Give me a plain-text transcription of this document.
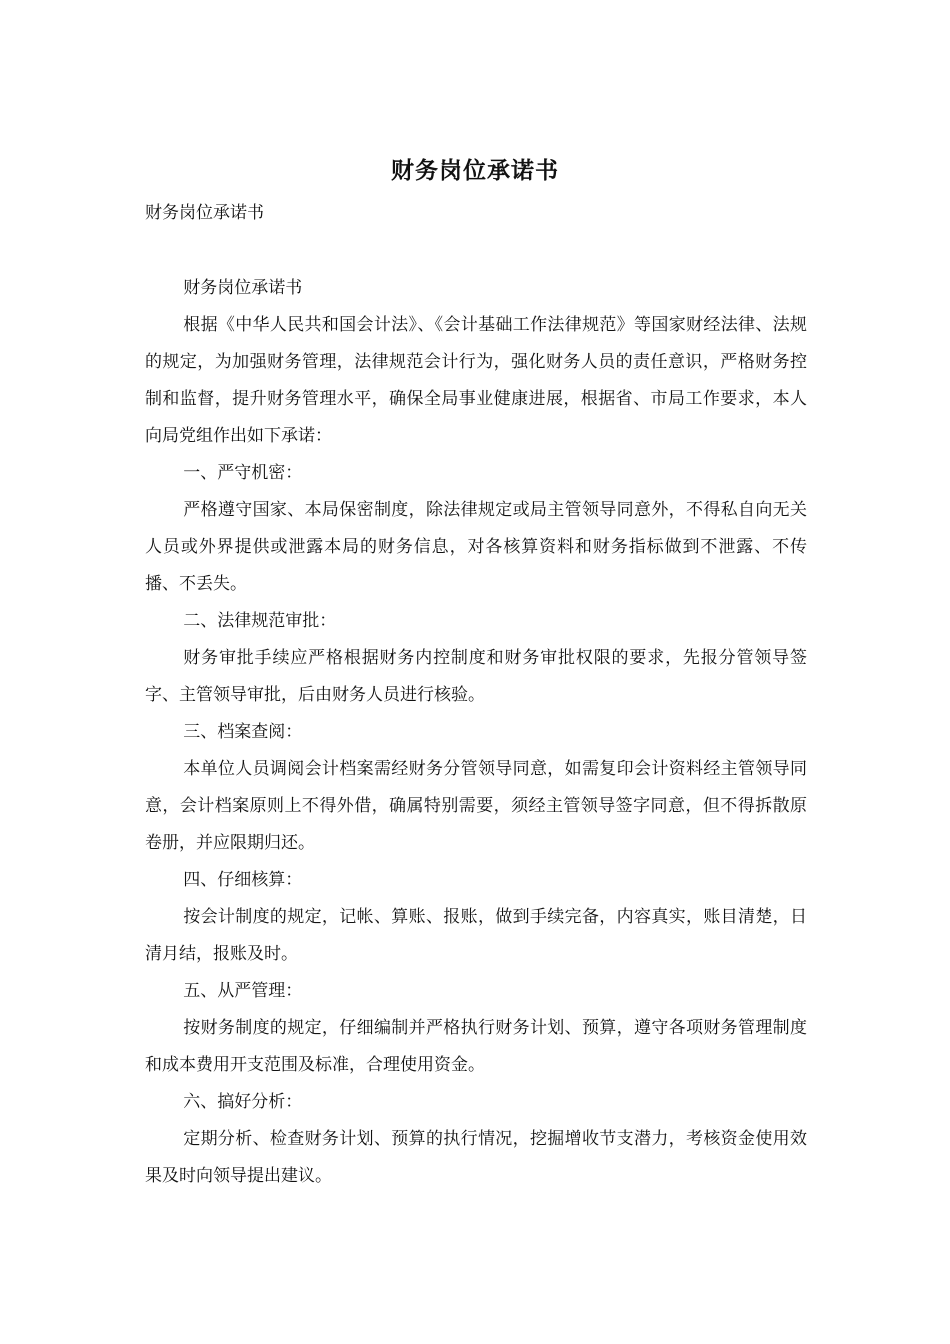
财务岗位承诺书
财务岗位承诺书

财务岗位承诺书

根据《中华人民共和国会计法》、《会计基础工作法律规范》等国家财经法律、法规的规定，为加强财务管理，法律规范会计行为，强化财务人员的责任意识，严格财务控制和监督，提升财务管理水平，确保全局事业健康进展，根据省、市局工作要求，本人向局党组作出如下承诺：

一、严守机密：

严格遵守国家、本局保密制度，除法律规定或局主管领导同意外，不得私自向无关人员或外界提供或泄露本局的财务信息，对各核算资料和财务指标做到不泄露、不传播、不丢失。

二、法律规范审批：

财务审批手续应严格根据财务内控制度和财务审批权限的要求，先报分管领导签字、主管领导审批，后由财务人员进行核验。

三、档案查阅：

本单位人员调阅会计档案需经财务分管领导同意，如需复印会计资料经主管领导同意，会计档案原则上不得外借，确属特别需要，须经主管领导签字同意，但不得拆散原卷册，并应限期归还。

四、仔细核算：

按会计制度的规定，记帐、算账、报账，做到手续完备，内容真实，账目清楚，日清月结，报账及时。

五、从严管理：

按财务制度的规定，仔细编制并严格执行财务计划、预算，遵守各项财务管理制度和成本费用开支范围及标准，合理使用资金。

六、搞好分析：

定期分析、检查财务计划、预算的执行情况，挖掘增收节支潜力，考核资金使用效果及时向领导提出建议。
